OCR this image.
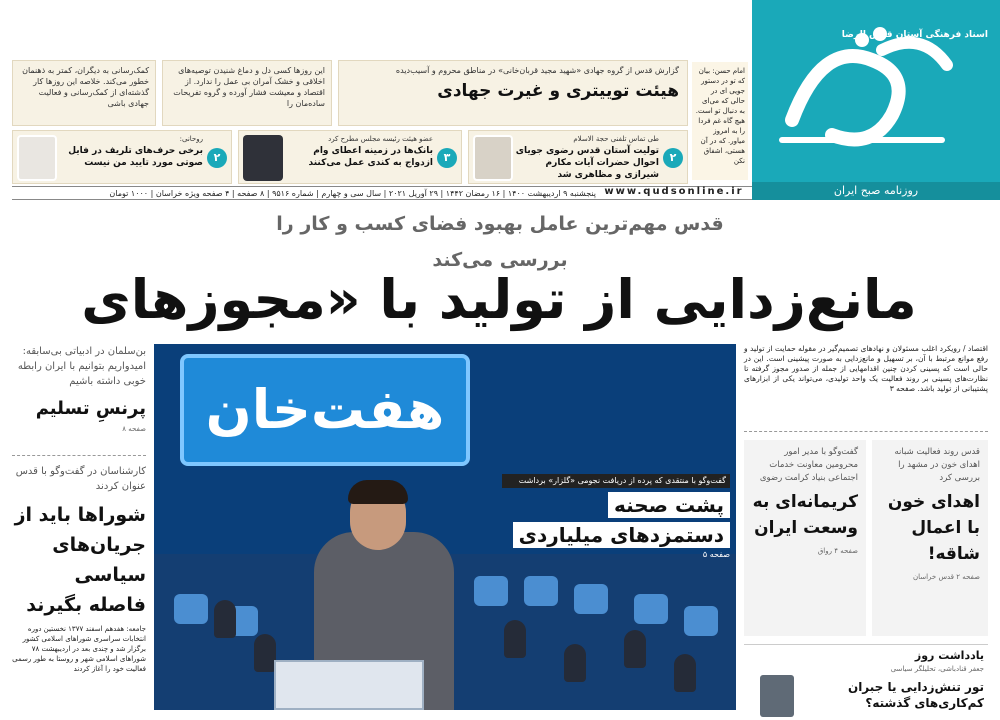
اسناد فرهنگی آستان قدس الرضا
روزنامه صبح ایران
امام حسن: بیان که تو در دستور جویی ای در حالی که می‌ای به دنبال تو است. هیچ گاه غم فردا را به امروز میاور. که در آن هستی، اشفاق نکن
گزارش قدس از گروه جهادی «شهید مجید قربان‌خانی» در مناطق محروم و آسیب‌دیده
هیئت توییتری و غیرت جهادی
این روزها کسی دل و دماغ شنیدن توصیه‌های اخلاقی و خشک آمران بی عمل را ندارد. از اقتصاد و معیشت فشار آورده و گروه تفریحات ساده‌مان را
کمک‌رسانی به دیگران، کمتر به ذهنمان خطور می‌کند. خلاصه این روزها کار گذشته‌ای از کمک‌رسانی و فعالیت جهادی باشی
۲
طی تماس تلفنی حجة الاسلام
تولیت آستان قدس رضوی جویای احوال حضرات آیات مکارم شیرازی و مظاهری شد
۳
عضو هیئت رئیسه مجلس مطرح کرد
بانک‌ها در زمینه اعطای وام ازدواج به کندی عمل می‌کنند
۲
روحانی:
برخی حرف‌های تلریف در فایل صوتی مورد تایید من نیست
پنجشنبه ۹ اردیبهشت ۱۴۰۰ | ۱۶ رمضان ۱۴۴۲ | ۲۹ آوریل ۲۰۲۱ | سال سی و چهارم | شماره ۹۵۱۶ | ۸ صفحه | ۴ صفحه ویژه خراسان | ۱۰۰۰ تومان www.qudsonline.ir
قدس مهم‌ترین عامل بهبود فضای کسب و کار را بررسی می‌کند
مانع‌زدایی از تولید با «مجوزهای
بن‌سلمان در ادبیاتی بی‌سابقه: امیدواریم بتوانیم با ایران رابطه خوبی داشته باشیم
پرنسِ تسلیم
صفحه ۸
کارشناسان در گفت‌وگو با قدس عنوان کردند
شوراها باید از جریان‌های سیاسی فاصله بگیرند
جامعه: هفدهم اسفند ۱۳۷۷ نخستین دوره انتخابات سراسری شوراهای اسلامی کشور برگزار شد و چندی بعد در اردیبهشت ۷۸ شوراهای اسلامی شهر و روستا به طور رسمی فعالیت خود را آغاز کردند
هفت‌خان
گفت‌وگو با منتقدی که پرده از دریافت نجومی «گلزار» برداشت
پشت صحنه
دستمزدهای میلیاردی
صفحه ۵
اقتصاد / رویکرد اغلب مسئولان و نهادهای تصمیم‌گیر در مقوله حمایت از تولید و رفع موانع مرتبط با آن، بر تسهیل و مانع‌زدایی به صورت پیشینی است. این در حالی است که پسینی کردن چنین اقدامهایی از جمله از صدور مجوز گرفته تا نظارت‌های پسینی بر روند فعالیت یک واحد تولیدی، می‌تواند یکی از ابزارهای پشتیبانی از تولید باشد. صفحه ۳
قدس روند فعالیت شبانه اهدای خون در مشهد را بررسی کرد
اهدای خون با اعمال شاقه!
صفحه ۲ قدس خراسان
گفت‌وگو با مدیر امور محرومین معاونت خدمات اجتماعی بنیاد کرامت رضوی
کریمانه‌ای به وسعت ایران
صفحه ۴ رواق
یادداشت روز
جعفر قنادباشی، تحلیلگر سیاسی
تور تنش‌زدایی یا جبران کم‌کاری‌های گذشته؟
